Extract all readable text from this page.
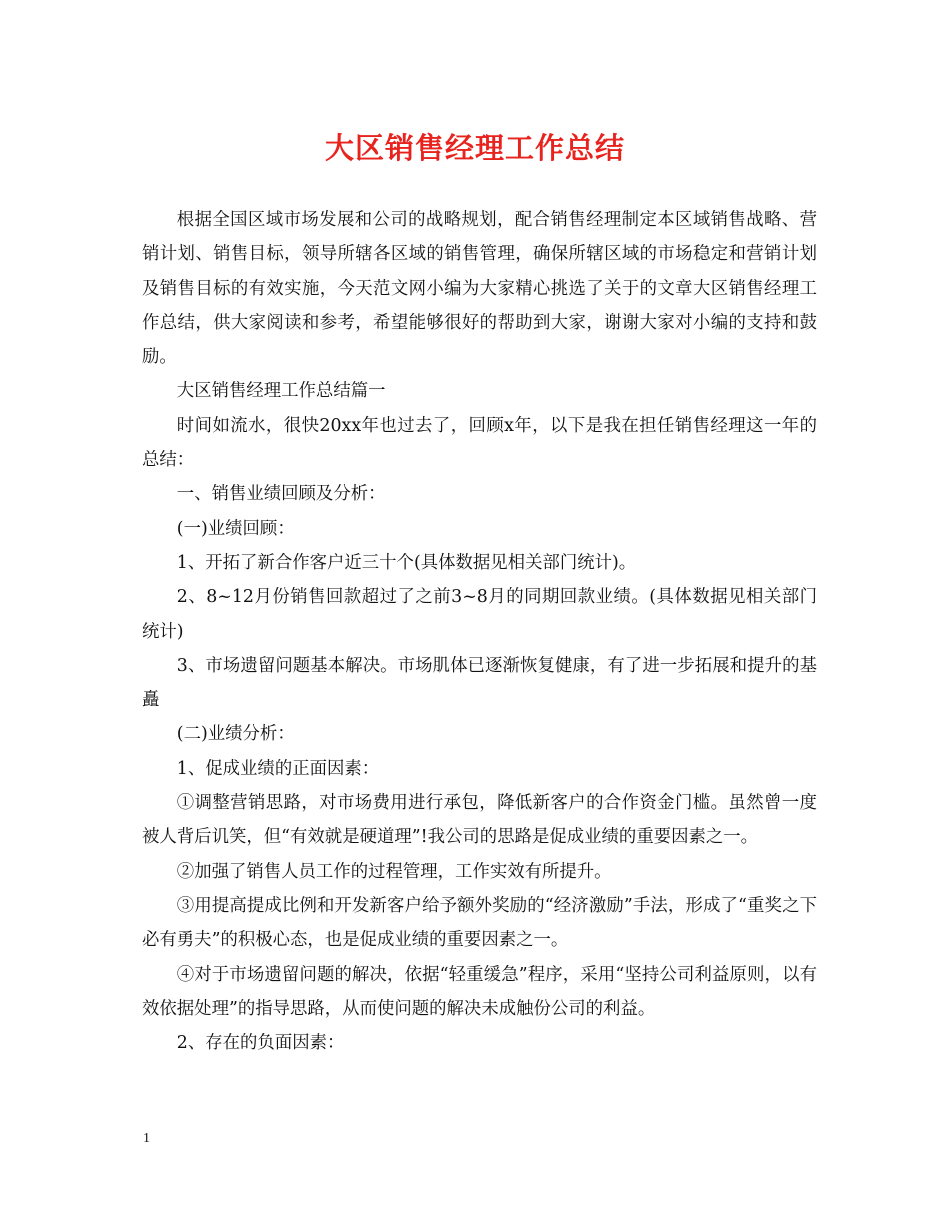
大区销售经理工作总结

根据全国区域市场发展和公司的战略规划，配合销售经理制定本区域销售战略、营销计划、销售目标，领导所辖各区域的销售管理，确保所辖区域的市场稳定和营销计划及销售目标的有效实施，今天范文网小编为大家精心挑选了关于的文章大区销售经理工作总结，供大家阅读和参考，希望能够很好的帮助到大家，谢谢大家对小编的支持和鼓励。

大区销售经理工作总结篇一

时间如流水，很快20xx年也过去了，回顾x年，以下是我在担任销售经理这一年的总结：

一、销售业绩回顾及分析：

(一)业绩回顾：

1、开拓了新合作客户近三十个(具体数据见相关部门统计)。

2、8~12月份销售回款超过了之前3~8月的同期回款业绩。(具体数据见相关部门统计)

3、市场遗留问题基本解决。市场肌体已逐渐恢复健康，有了进一步拓展和提升的基矗

(二)业绩分析：

1、促成业绩的正面因素：

①调整营销思路，对市场费用进行承包，降低新客户的合作资金门槛。虽然曾一度被人背后讥笑，但“有效就是硬道理”!我公司的思路是促成业绩的重要因素之一。

②加强了销售人员工作的过程管理，工作实效有所提升。

③用提高提成比例和开发新客户给予额外奖励的“经济激励”手法，形成了“重奖之下必有勇夫”的积极心态，也是促成业绩的重要因素之一。

④对于市场遗留问题的解决，依据“轻重缓急”程序，采用“坚持公司利益原则，以有效依据处理”的指导思路，从而使问题的解决未成触份公司的利益。

2、存在的负面因素：

1
